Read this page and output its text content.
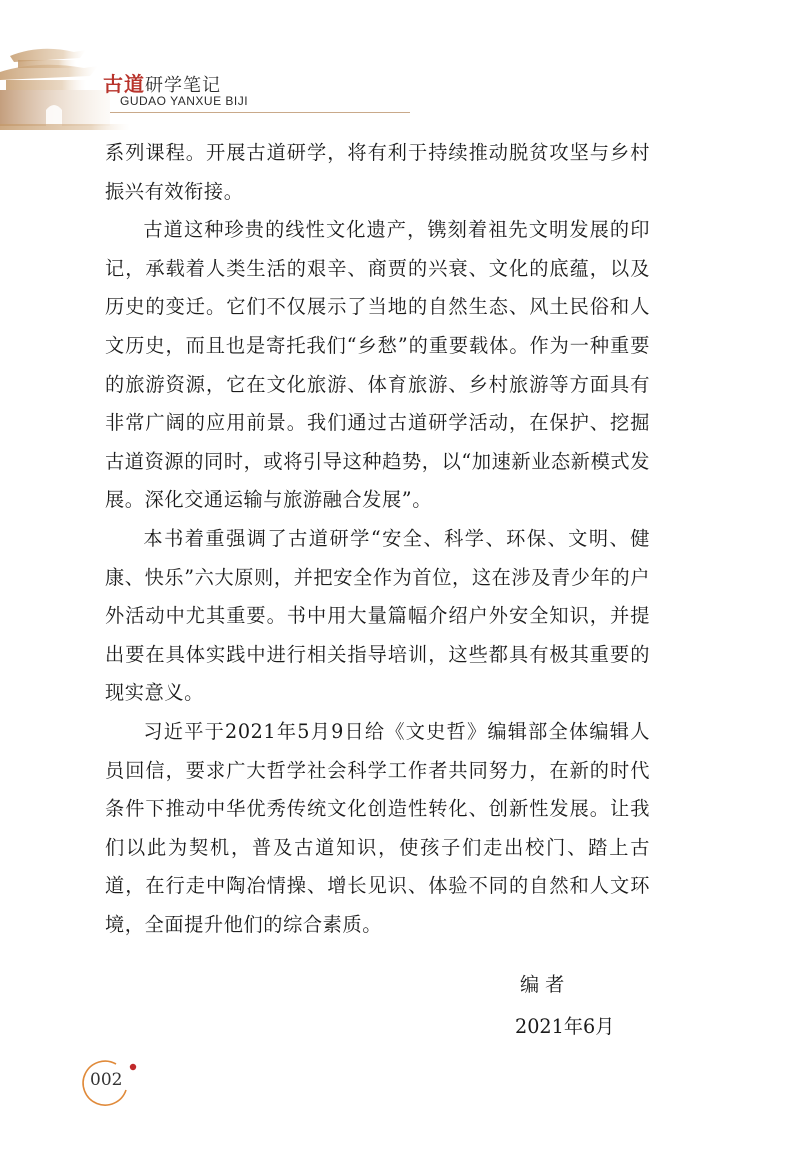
古道研学笔记
GUDAO YANXUE BIJI

系列课程。开展古道研学，将有利于持续推动脱贫攻坚与乡村振兴有效衔接。

古道这种珍贵的线性文化遗产，镌刻着祖先文明发展的印记，承载着人类生活的艰辛、商贾的兴衰、文化的底蕴，以及历史的变迁。它们不仅展示了当地的自然生态、风土民俗和人文历史，而且也是寄托我们“乡愁”的重要载体。作为一种重要的旅游资源，它在文化旅游、体育旅游、乡村旅游等方面具有非常广阔的应用前景。我们通过古道研学活动，在保护、挖掘古道资源的同时，或将引导这种趋势，以“加速新业态新模式发展。深化交通运输与旅游融合发展”。

本书着重强调了古道研学“安全、科学、环保、文明、健康、快乐”六大原则，并把安全作为首位，这在涉及青少年的户外活动中尤其重要。书中用大量篇幅介绍户外安全知识，并提出要在具体实践中进行相关指导培训，这些都具有极其重要的现实意义。

习近平于2021年5月9日给《文史哲》编辑部全体编辑人员回信，要求广大哲学社会科学工作者共同努力，在新的时代条件下推动中华优秀传统文化创造性转化、创新性发展。让我们以此为契机，普及古道知识，使孩子们走出校门、踏上古道，在行走中陶冶情操、增长见识、体验不同的自然和人文环境，全面提升他们的综合素质。

编者
2021年6月
002
